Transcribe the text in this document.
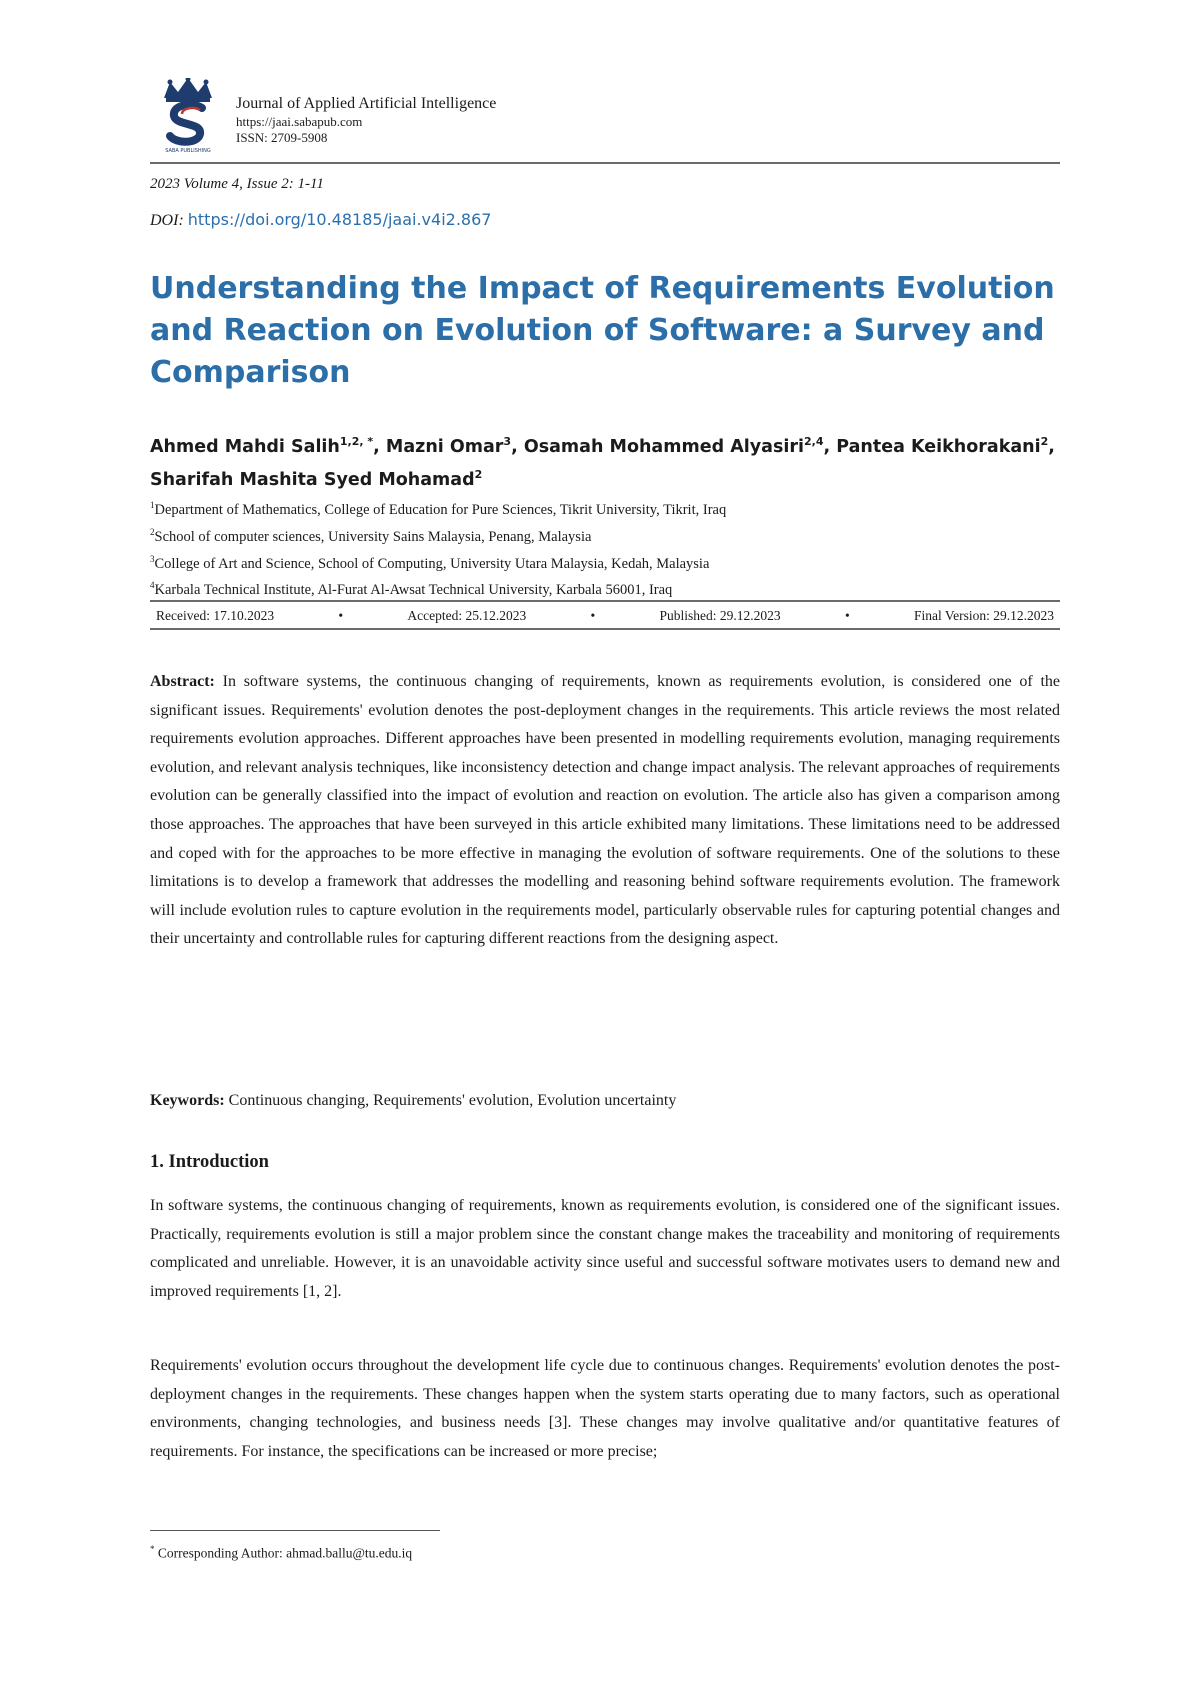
SABA PUBLISHING
Journal of Applied Artificial Intelligence
https://jaai.sabapub.com
ISSN: 2709-5908
2023 Volume 4, Issue 2: 1-11
DOI: https://doi.org/10.48185/jaai.v4i2.867
Understanding the Impact of Requirements Evolution and Reaction on Evolution of Software: a Survey and Comparison
Ahmed Mahdi Salih$^{1,2, *}$, Mazni Omar$^3$, Osamah Mohammed Alyasiri$^{2,4}$, Pantea Keikhorakani$^2$, Sharifah Mashita Syed Mohamad$^2$
$^1$Department of Mathematics, College of Education for Pure Sciences, Tikrit University, Tikrit, Iraq
$^2$School of computer sciences, University Sains Malaysia, Penang, Malaysia
$^3$College of Art and Science, School of Computing, University Utara Malaysia, Kedah, Malaysia
$^4$Karbala Technical Institute, Al-Furat Al-Awsat Technical University, Karbala 56001, Iraq
Received: 17.10.2023	•	Accepted: 25.12.2023	•	Published: 29.12.2023	•	Final Version: 29.12.2023
Abstract: In software systems, the continuous changing of requirements, known as requirements evolution, is considered one of the significant issues. Requirements' evolution denotes the post-deployment changes in the requirements. This article reviews the most related requirements evolution approaches. Different approaches have been presented in modelling requirements evolution, managing requirements evolution, and relevant analysis techniques, like inconsistency detection and change impact analysis. The relevant approaches of requirements evolution can be generally classified into the impact of evolution and reaction on evolution. The article also has given a comparison among those approaches. The approaches that have been surveyed in this article exhibited many limitations. These limitations need to be addressed and coped with for the approaches to be more effective in managing the evolution of software requirements. One of the solutions to these limitations is to develop a framework that addresses the modelling and reasoning behind software requirements evolution. The framework will include evolution rules to capture evolution in the requirements model, particularly observable rules for capturing potential changes and their uncertainty and controllable rules for capturing different reactions from the designing aspect.
Keywords: Continuous changing, Requirements' evolution, Evolution uncertainty
1. Introduction
In software systems, the continuous changing of requirements, known as requirements evolution, is considered one of the significant issues. Practically, requirements evolution is still a major problem since the constant change makes the traceability and monitoring of requirements complicated and unreliable. However, it is an unavoidable activity since useful and successful software motivates users to demand new and improved requirements [1, 2].
Requirements' evolution occurs throughout the development life cycle due to continuous changes. Requirements' evolution denotes the post-deployment changes in the requirements. These changes happen when the system starts operating due to many factors, such as operational environments, changing technologies, and business needs [3]. These changes may involve qualitative and/or quantitative features of requirements. For instance, the specifications can be increased or more precise;
* Corresponding Author: ahmad.ballu@tu.edu.iq
